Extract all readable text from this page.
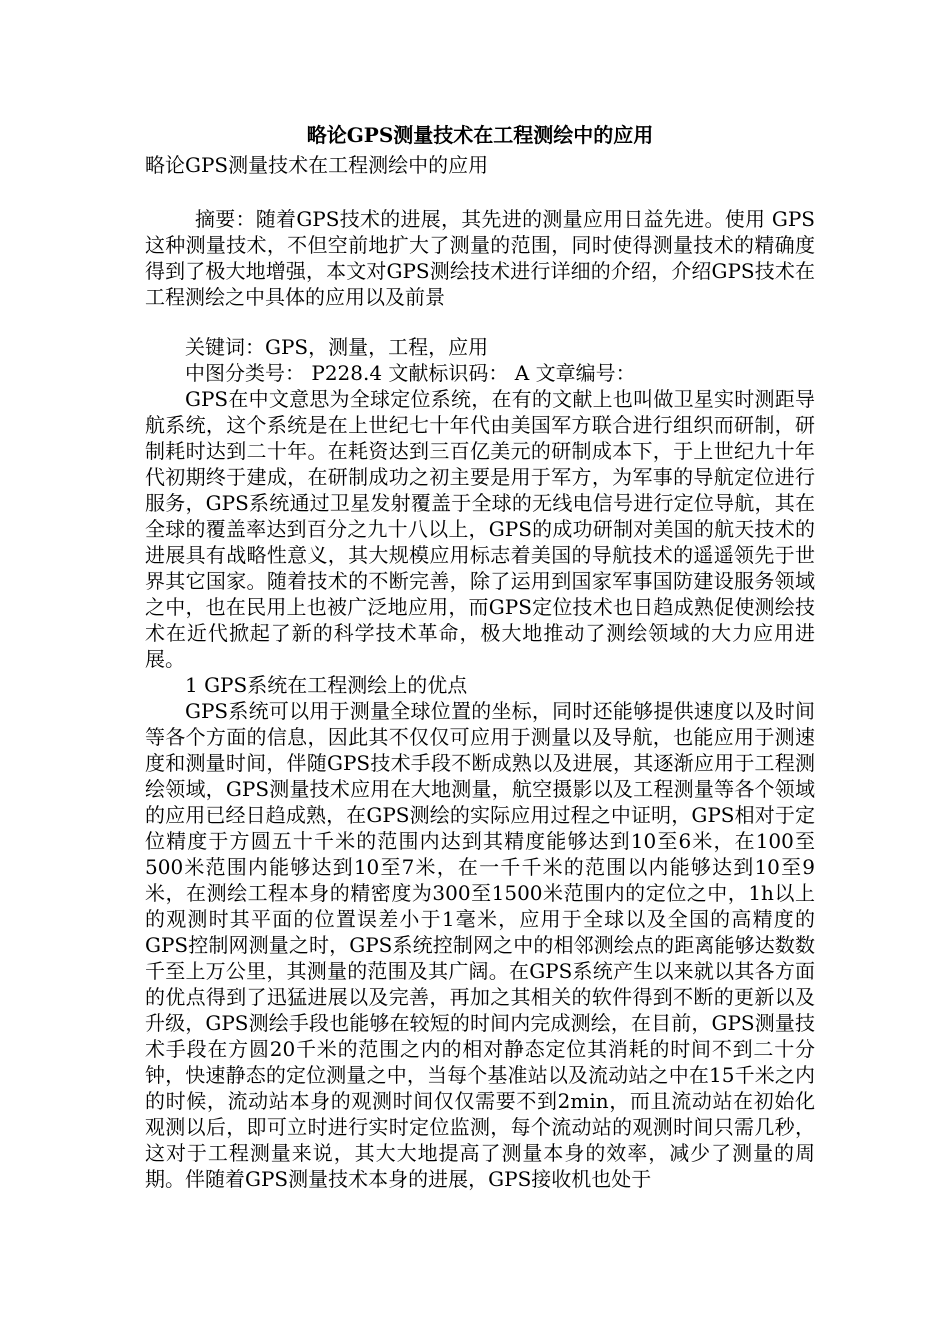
略论GPS测量技术在工程测绘中的应用

略论GPS测量技术在工程测绘中的应用

摘要：随着GPS技术的进展，其先进的测量应用日益先进。使用 GPS这种测量技术，不但空前地扩大了测量的范围，同时使得测量技术的精确度得到了极大地增强，本文对GPS测绘技术进行详细的介绍，介绍GPS技术在工程测绘之中具体的应用以及前景

关键词：GPS，测量，工程，应用

中图分类号： P228.4 文献标识码： A 文章编号：

GPS在中文意思为全球定位系统，在有的文献上也叫做卫星实时测距导航系统，这个系统是在上世纪七十年代由美国军方联合进行组织而研制，研制耗时达到二十年。在耗资达到三百亿美元的研制成本下，于上世纪九十年代初期终于建成，在研制成功之初主要是用于军方，为军事的导航定位进行服务，GPS系统通过卫星发射覆盖于全球的无线电信号进行定位导航，其在全球的覆盖率达到百分之九十八以上，GPS的成功研制对美国的航天技术的进展具有战略性意义，其大规模应用标志着美国的导航技术的遥遥领先于世界其它国家。随着技术的不断完善，除了运用到国家军事国防建设服务领域之中，也在民用上也被广泛地应用，而GPS定位技术也日趋成熟促使测绘技术在近代掀起了新的科学技术革命，极大地推动了测绘领域的大力应用进展。

1 GPS系统在工程测绘上的优点

GPS系统可以用于测量全球位置的坐标，同时还能够提供速度以及时间等各个方面的信息，因此其不仅仅可应用于测量以及导航，也能应用于测速度和测量时间，伴随GPS技术手段不断成熟以及进展，其逐渐应用于工程测绘领域，GPS测量技术应用在大地测量，航空摄影以及工程测量等各个领域的应用已经日趋成熟，在GPS测绘的实际应用过程之中证明，GPS相对于定位精度于方圆五十千米的范围内达到其精度能够达到10至6米，在100至500米范围内能够达到10至7米，在一千千米的范围以内能够达到10至9米，在测绘工程本身的精密度为300至1500米范围内的定位之中，1h以上的观测时其平面的位置误差小于1毫米，应用于全球以及全国的高精度的GPS控制网测量之时，GPS系统控制网之中的相邻测绘点的距离能够达数数千至上万公里，其测量的范围及其广阔。在GPS系统产生以来就以其各方面的优点得到了迅猛进展以及完善，再加之其相关的软件得到不断的更新以及升级，GPS测绘手段也能够在较短的时间内完成测绘，在目前，GPS测量技术手段在方圆20千米的范围之内的相对静态定位其消耗的时间不到二十分钟，快速静态的定位测量之中，当每个基准站以及流动站之中在15千米之内的时候，流动站本身的观测时间仅仅需要不到2min，而且流动站在初始化观测以后，即可立时进行实时定位监测，每个流动站的观测时间只需几秒，这对于工程测量来说，其大大地提高了测量本身的效率，减少了测量的周期。伴随着GPS测量技术本身的进展，GPS接收机也处于
